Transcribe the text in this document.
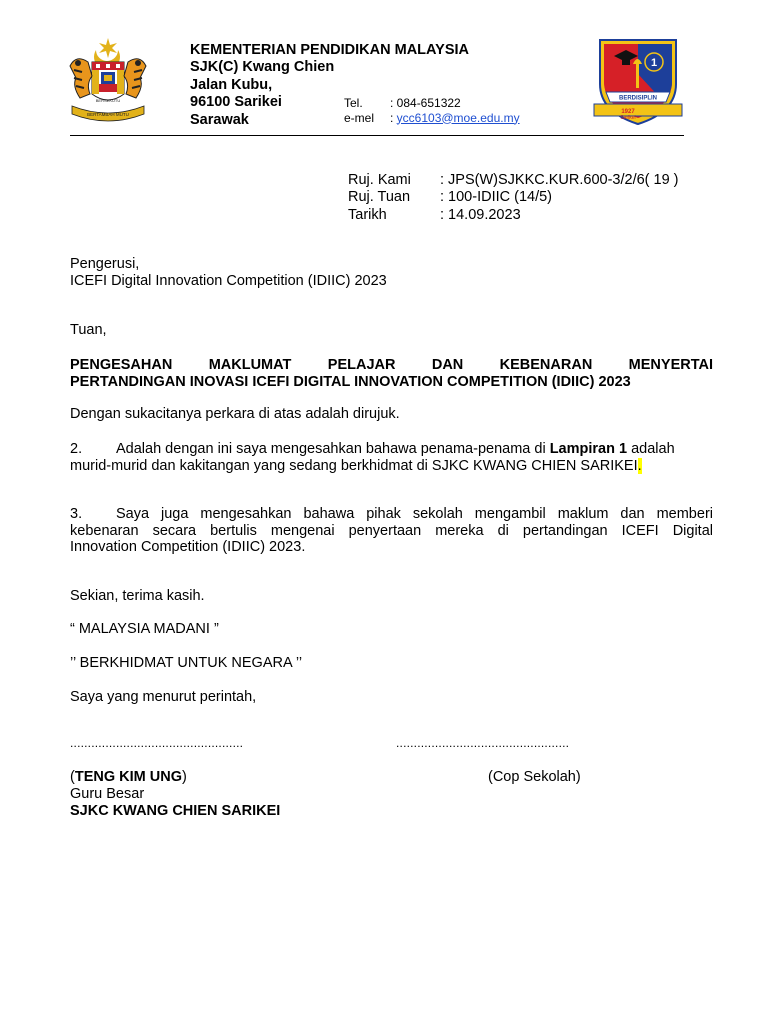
BERTAMBAH MUTU
BERSEKUTU
KEMENTERIAN PENDIDIKAN MALAYSIA
SJK(C) Kwang Chien
Jalan Kubu,
96100 Sarikei
Sarawak
Tel. : 084-651322
e-mel : ycc6103@moe.edu.my
1
BERDISIPLIN
1927
Sarikei
Ruj. Kami : JPS(W)SJKKC.KUR.600-3/2/6( 19 )
Ruj. Tuan : 100-IDIIC (14/5)
Tarikh	: 14.09.2023
Pengerusi,
ICEFI Digital Innovation Competition (IDIIC) 2023
Tuan,
PENGESAHAN MAKLUMAT PELAJAR DAN KEBENARAN MENYERTAI
PERTANDINGAN INOVASI ICEFI DIGITAL INNOVATION COMPETITION (IDIIC) 2023
Dengan sukacitanya perkara di atas adalah dirujuk.
2. Adalah dengan ini saya mengesahkan bahawa penama-penama di Lampiran 1 adalah
murid-murid dan kakitangan yang sedang berkhidmat di SJKC KWANG CHIEN SARIKEI.
3. Saya juga mengesahkan bahawa pihak sekolah mengambil maklum dan memberi
kebenaran secara bertulis mengenai penyertaan mereka di pertandingan ICEFI Digital
Innovation Competition (IDIIC) 2023.
Sekian, terima kasih.
“ MALAYSIA MADANI ”
’’ BERKHIDMAT UNTUK NEGARA ’’
Saya yang menurut perintah,
.................................................	.................................................
(TENG KIM UNG)	(Cop Sekolah)
Guru Besar
SJKC KWANG CHIEN SARIKEI
